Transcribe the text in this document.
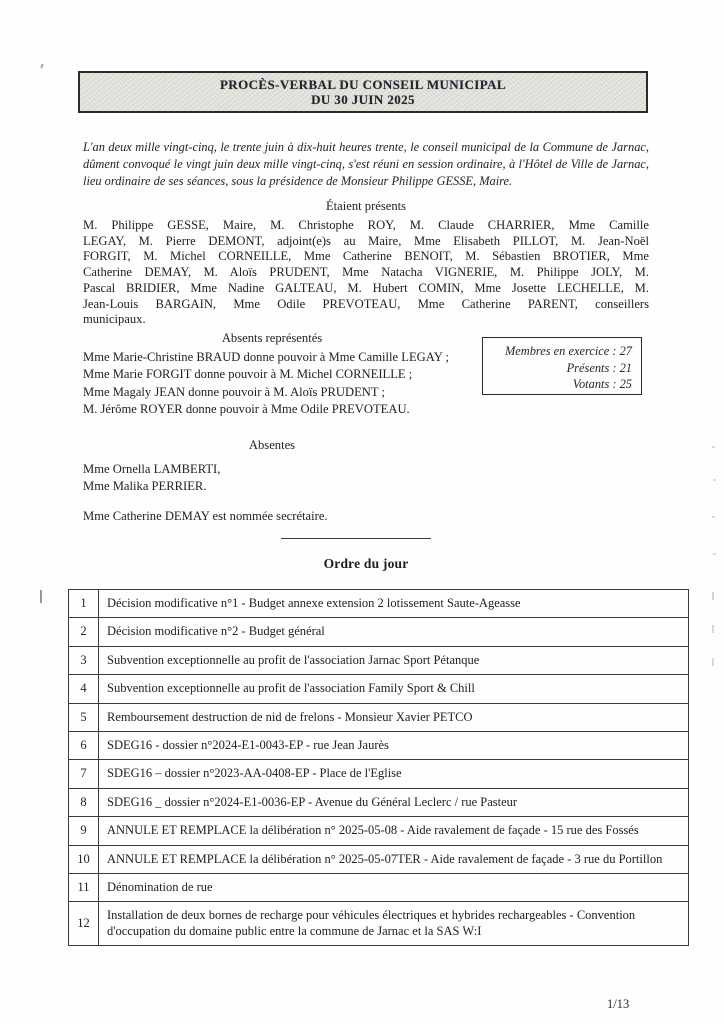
PROCÈS-VERBAL DU CONSEIL MUNICIPAL
DU 30 JUIN 2025

L'an deux mille vingt-cinq, le trente juin à dix-huit heures trente, le conseil municipal de la Commune de Jarnac, dûment convoqué le vingt juin deux mille vingt-cinq, s'est réuni en session ordinaire, à l'Hôtel de Ville de Jarnac, lieu ordinaire de ses séances, sous la présidence de Monsieur Philippe GESSE, Maire.

Étaient présents

M. Philippe GESSE, Maire, M. Christophe ROY, M. Claude CHARRIER, Mme Camille LEGAY, M. Pierre DEMONT, adjoint(e)s au Maire, Mme Elisabeth PILLOT, M. Jean-Noël FORGIT, M. Michel CORNEILLE, Mme Catherine BENOIT, M. Sébastien BROTIER, Mme Catherine DEMAY, M. Aloïs PRUDENT, Mme Natacha VIGNERIE, M. Philippe JOLY, M. Pascal BRIDIER, Mme Nadine GALTEAU, M. Hubert COMIN, Mme Josette LECHELLE, M. Jean-Louis BARGAIN, Mme Odile PREVOTEAU, Mme Catherine PARENT, conseillers municipaux.

Absents représentés
Mme Marie-Christine BRAUD donne pouvoir à Mme Camille LEGAY ;
Mme Marie FORGIT donne pouvoir à M. Michel CORNEILLE ;
Mme Magaly JEAN donne pouvoir à M. Aloïs PRUDENT ;
M. Jérôme ROYER donne pouvoir à Mme Odile PREVOTEAU.
Membres en exercice : 27
Présents : 21
Votants : 25
Absentes
Mme Ornella LAMBERTI,
Mme Malika PERRIER.

Mme Catherine DEMAY est nommée secrétaire.

Ordre du jour
1	Décision modificative n°1 - Budget annexe extension 2 lotissement Saute-Ageasse
2	Décision modificative n°2 - Budget général
3	Subvention exceptionnelle au profit de l'association Jarnac Sport Pétanque
4	Subvention exceptionnelle au profit de l'association Family Sport & Chill
5	Remboursement destruction de nid de frelons - Monsieur Xavier PETCO
6	SDEG16 - dossier n°2024-E1-0043-EP - rue Jean Jaurès
7	SDEG16 – dossier n°2023-AA-0408-EP - Place de l'Eglise
8	SDEG16 _ dossier n°2024-E1-0036-EP - Avenue du Général Leclerc / rue Pasteur
9	ANNULE ET REMPLACE la délibération n° 2025-05-08 - Aide ravalement de façade - 15 rue des Fossés
10	ANNULE ET REMPLACE la délibération n° 2025-05-07TER - Aide ravalement de façade - 3 rue du Portillon
11	Dénomination de rue
12	Installation de deux bornes de recharge pour véhicules électriques et hybrides rechargeables - Convention d'occupation du domaine public entre la commune de Jarnac et la SAS W:I
1/13
